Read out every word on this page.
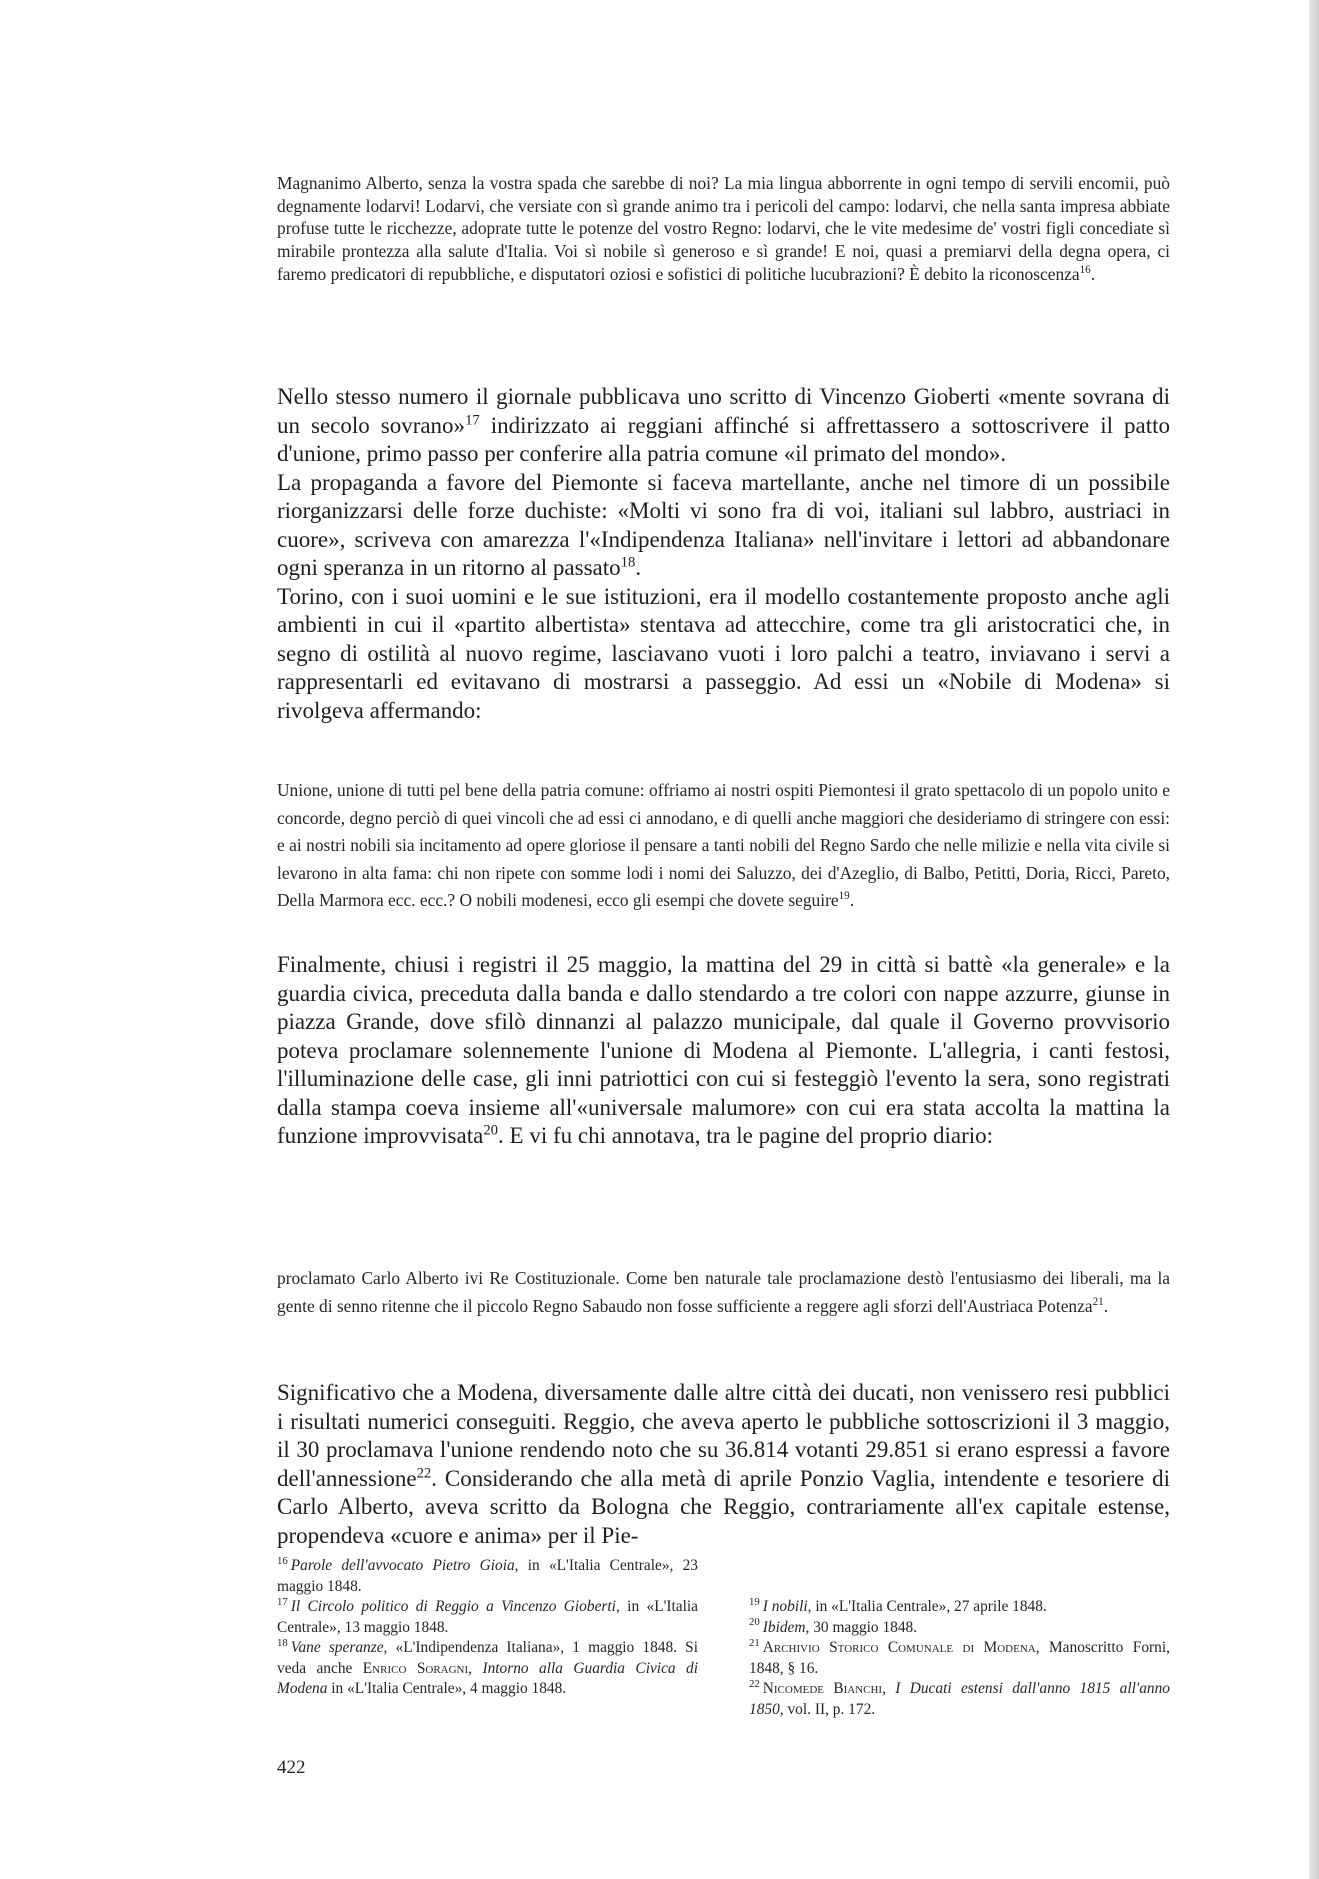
Magnanimo Alberto, senza la vostra spada che sarebbe di noi? La mia lingua abborrente in ogni tempo di servili encomii, può degnamente lodarvi! Lodarvi, che versiate con sì grande animo tra i pericoli del campo: lodarvi, che nella santa impresa abbiate profuse tutte le ricchezze, adoprate tutte le potenze del vostro Regno: lodarvi, che le vite medesime de' vostri figli concediate sì mirabile prontezza alla salute d'Italia. Voi sì nobile sì generoso e sì grande! E noi, quasi a premiarvi della degna opera, ci faremo predicatori di repubbliche, e disputatori oziosi e sofistici di politiche lucubrazioni? È debito la riconoscenza$^{16}$.

Nello stesso numero il giornale pubblicava uno scritto di Vincenzo Gioberti «mente sovrana di un secolo sovrano»$^{17}$ indirizzato ai reggiani affinché si affrettassero a sottoscrivere il patto d'unione, primo passo per conferire alla patria comune «il primato del mondo».

La propaganda a favore del Piemonte si faceva martellante, anche nel timore di un possibile riorganizzarsi delle forze duchiste: «Molti vi sono fra di voi, italiani sul labbro, austriaci in cuore», scriveva con amarezza l'«Indipendenza Italiana» nell'invitare i lettori ad abbandonare ogni speranza in un ritorno al passato$^{18}$.

Torino, con i suoi uomini e le sue istituzioni, era il modello costantemente proposto anche agli ambienti in cui il «partito albertista» stentava ad attecchire, come tra gli aristocratici che, in segno di ostilità al nuovo regime, lasciavano vuoti i loro palchi a teatro, inviavano i servi a rappresentarli ed evitavano di mostrarsi a passeggio. Ad essi un «Nobile di Modena» si rivolgeva affermando:

Unione, unione di tutti pel bene della patria comune: offriamo ai nostri ospiti Piemontesi il grato spettacolo di un popolo unito e concorde, degno perciò di quei vincoli che ad essi ci annodano, e di quelli anche maggiori che desideriamo di stringere con essi: e ai nostri nobili sia incitamento ad opere gloriose il pensare a tanti nobili del Regno Sardo che nelle milizie e nella vita civile si levarono in alta fama: chi non ripete con somme lodi i nomi dei Saluzzo, dei d'Azeglio, di Balbo, Petitti, Doria, Ricci, Pareto, Della Marmora ecc. ecc.? O nobili modenesi, ecco gli esempi che dovete seguire$^{19}$.

Finalmente, chiusi i registri il 25 maggio, la mattina del 29 in città si battè «la generale» e la guardia civica, preceduta dalla banda e dallo stendardo a tre colori con nappe azzurre, giunse in piazza Grande, dove sfilò dinnanzi al palazzo municipale, dal quale il Governo provvisorio poteva proclamare solennemente l'unione di Modena al Piemonte. L'allegria, i canti festosi, l'illuminazione delle case, gli inni patriottici con cui si festeggiò l'evento la sera, sono registrati dalla stampa coeva insieme all'«universale malumore» con cui era stata accolta la mattina la funzione improvvisata$^{20}$. E vi fu chi annotava, tra le pagine del proprio diario:

proclamato Carlo Alberto ivi Re Costituzionale. Come ben naturale tale proclamazione destò l'entusiasmo dei liberali, ma la gente di senno ritenne che il piccolo Regno Sabaudo non fosse sufficiente a reggere agli sforzi dell'Austriaca Potenza$^{21}$.

Significativo che a Modena, diversamente dalle altre città dei ducati, non venissero resi pubblici i risultati numerici conseguiti. Reggio, che aveva aperto le pubbliche sottoscrizioni il 3 maggio, il 30 proclamava l'unione rendendo noto che su 36.814 votanti 29.851 si erano espressi a favore dell'annessione$^{22}$. Considerando che alla metà di aprile Ponzio Vaglia, intendente e tesoriere di Carlo Alberto, aveva scritto da Bologna che Reggio, contrariamente all'ex capitale estense, propendeva «cuore e anima» per il Pie-

$^{16}$ Parole dell'avvocato Pietro Gioia, in «L'Italia Centrale», 23 maggio 1848.

$^{17}$ Il Circolo politico di Reggio a Vincenzo Gioberti, in «L'Italia Centrale», 13 maggio 1848.

$^{18}$ Vane speranze, «L'Indipendenza Italiana», 1 maggio 1848. Si veda anche Enrico Soragni, Intorno alla Guardia Civica di Modena in «L'Italia Centrale», 4 maggio 1848.

$^{19}$ I nobili, in «L'Italia Centrale», 27 aprile 1848.

$^{20}$ Ibidem, 30 maggio 1848.

$^{21}$ Archivio Storico Comunale di Modena, Manoscritto Forni, 1848, § 16.

$^{22}$ Nicomede Bianchi, I Ducati estensi dall'anno 1815 all'anno 1850, vol. II, p. 172.

422
